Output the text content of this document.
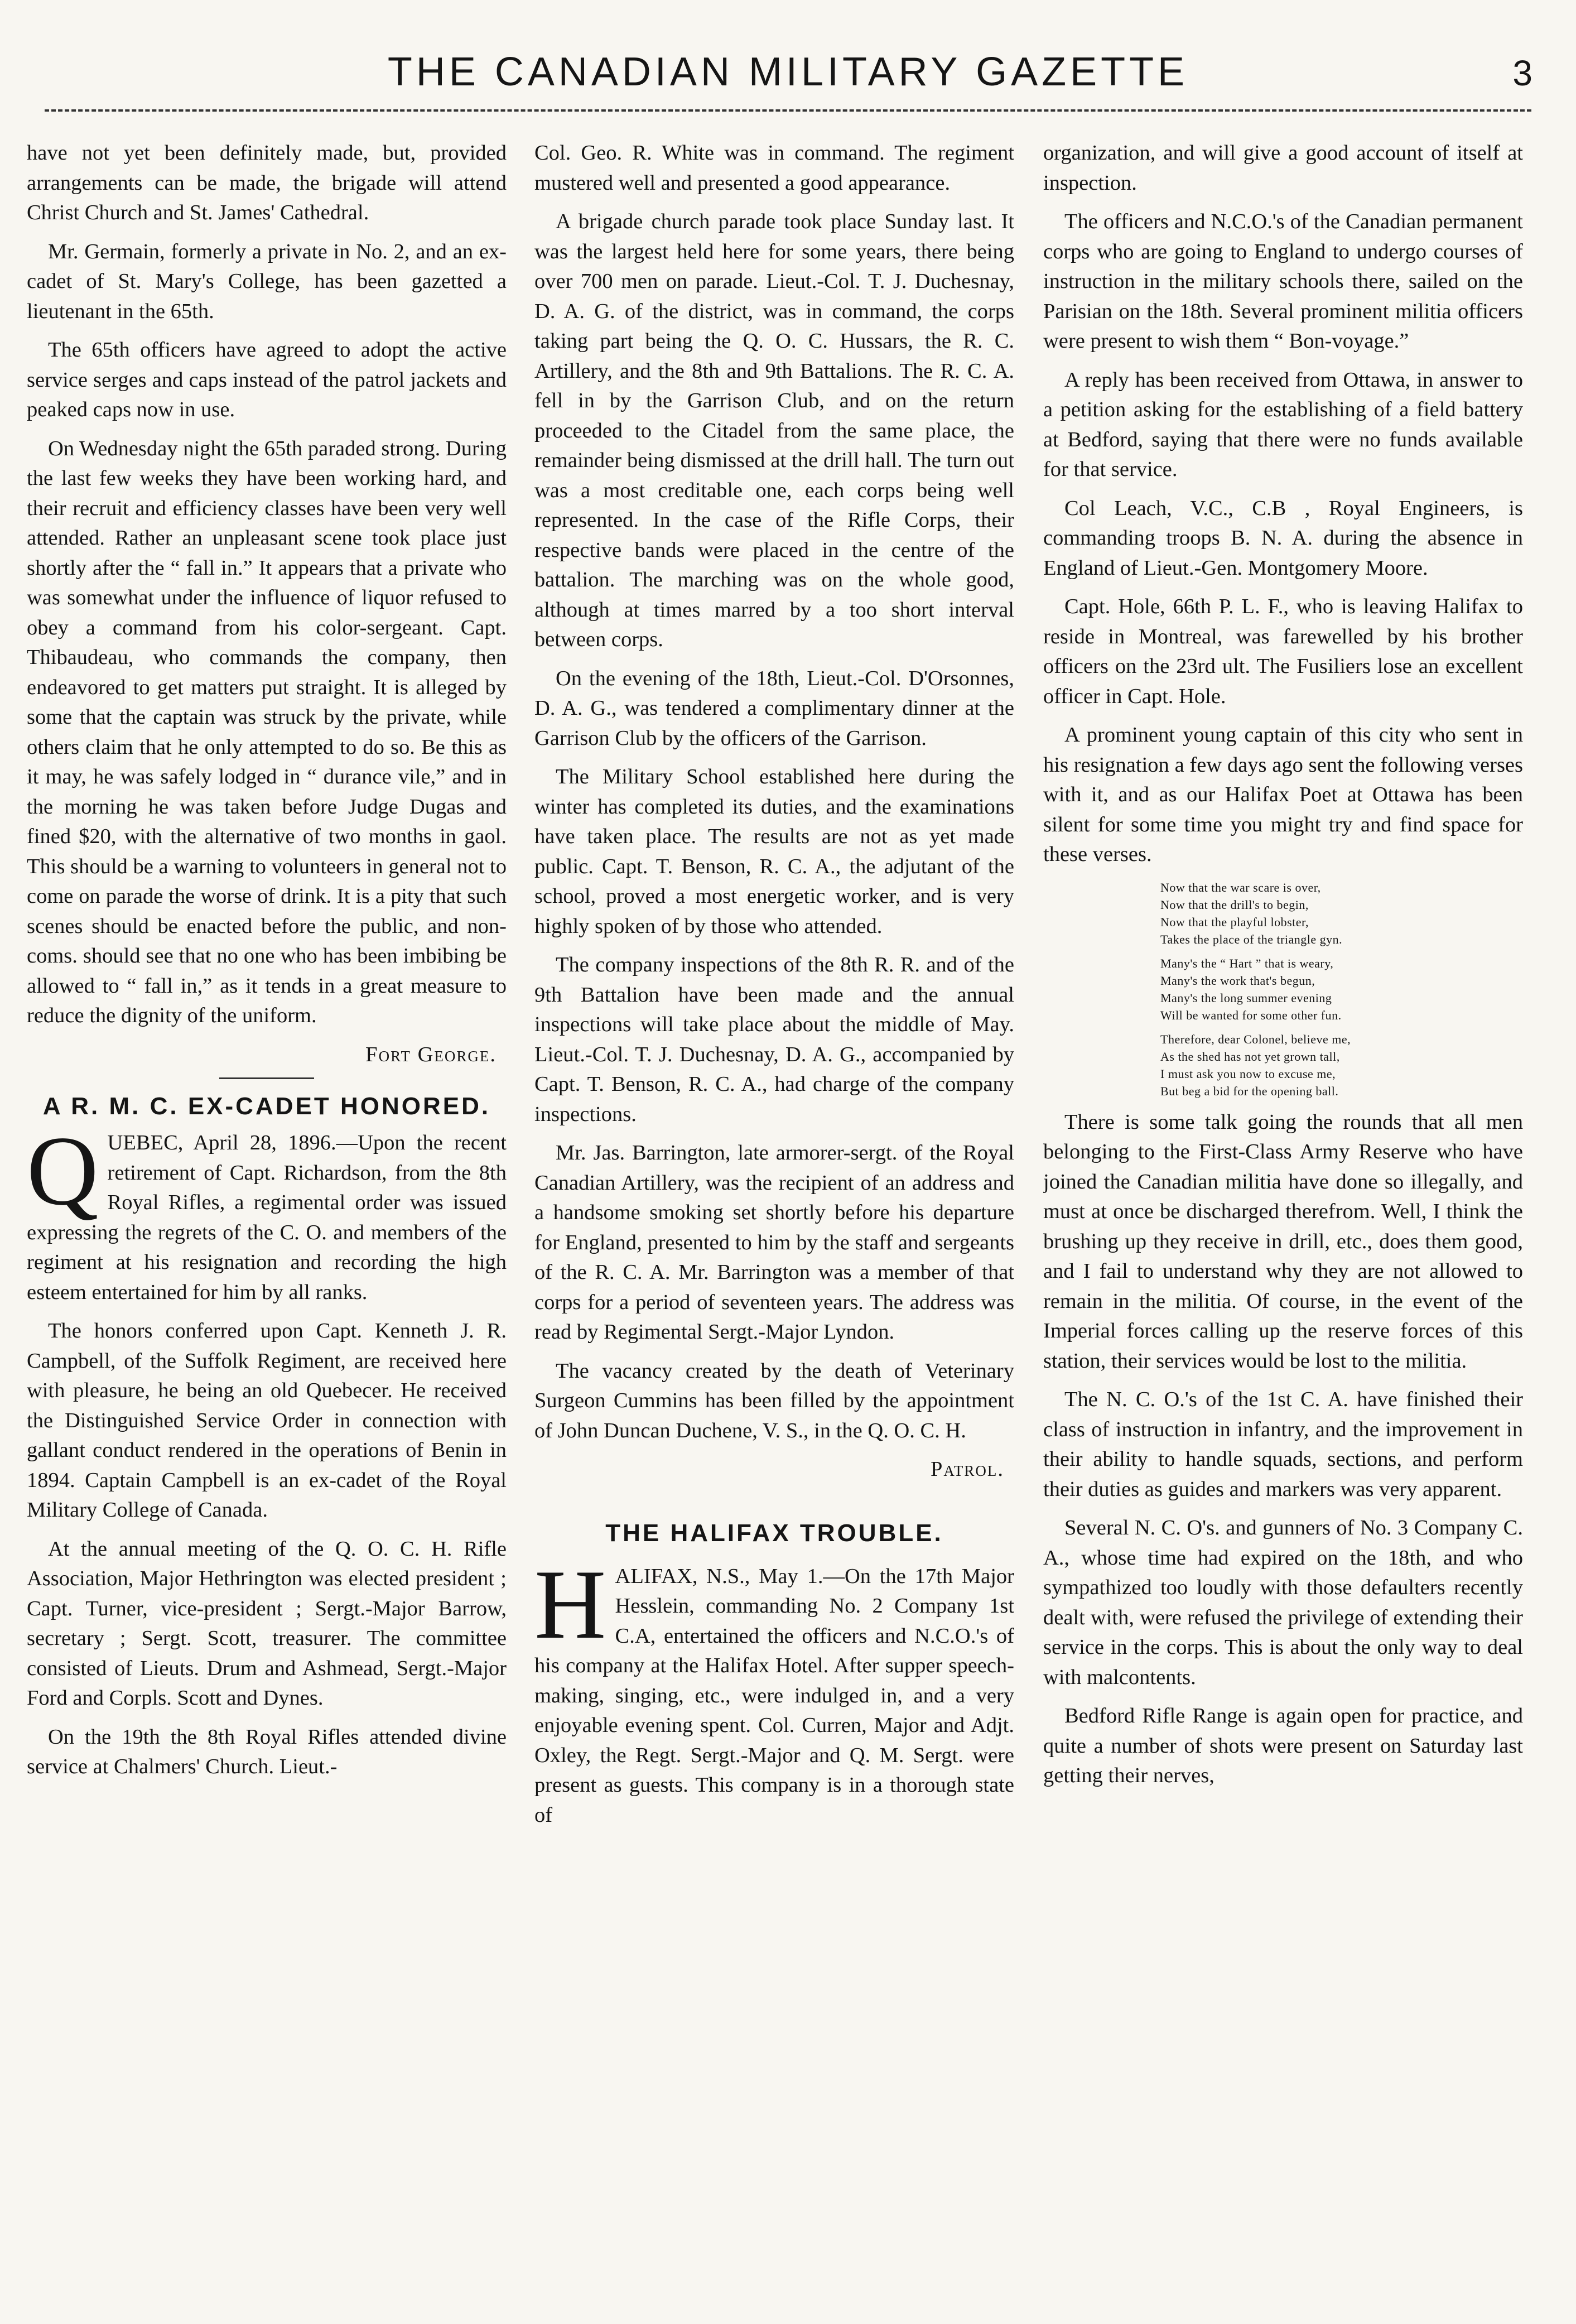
THE CANADIAN MILITARY GAZETTE	3

have not yet been definitely made, but, provided arrangements can be made, the brigade will attend Christ Church and St. James' Cathedral.

Mr. Germain, formerly a private in No. 2, and an ex-cadet of St. Mary's College, has been gazetted a lieutenant in the 65th.

The 65th officers have agreed to adopt the active service serges and caps instead of the patrol jackets and peaked caps now in use.

On Wednesday night the 65th paraded strong. During the last few weeks they have been working hard, and their recruit and efficiency classes have been very well attended. Rather an unpleasant scene took place just shortly after the “ fall in.” It appears that a private who was somewhat under the influence of liquor refused to obey a command from his color-sergeant. Capt. Thibaudeau, who commands the company, then endeavored to get matters put straight. It is alleged by some that the captain was struck by the private, while others claim that he only attempted to do so. Be this as it may, he was safely lodged in “ durance vile,” and in the morning he was taken before Judge Dugas and fined $20, with the alternative of two months in gaol. This should be a warning to volunteers in general not to come on parade the worse of drink. It is a pity that such scenes should be enacted before the public, and non-coms. should see that no one who has been imbibing be allowed to “ fall in,” as it tends in a great measure to reduce the dignity of the uniform.

Fort George.
A R. M. C. EX-CADET HONORED.

QUEBEC, April 28, 1896.—Upon the recent retirement of Capt. Richardson, from the 8th Royal Rifles, a regimental order was issued expressing the regrets of the C. O. and members of the regiment at his resignation and recording the high esteem entertained for him by all ranks.

The honors conferred upon Capt. Kenneth J. R. Campbell, of the Suffolk Regiment, are received here with pleasure, he being an old Quebecer. He received the Distinguished Service Order in connection with gallant conduct rendered in the operations of Benin in 1894. Captain Campbell is an ex-cadet of the Royal Military College of Canada.

At the annual meeting of the Q. O. C. H. Rifle Association, Major Hethrington was elected president ; Capt. Turner, vice-president ; Sergt.-Major Barrow, secretary ; Sergt. Scott, treasurer. The committee consisted of Lieuts. Drum and Ashmead, Sergt.-Major Ford and Corpls. Scott and Dynes.

On the 19th the 8th Royal Rifles attended divine service at Chalmers' Church. Lieut.-

Col. Geo. R. White was in command. The regiment mustered well and presented a good appearance.

A brigade church parade took place Sunday last. It was the largest held here for some years, there being over 700 men on parade. Lieut.-Col. T. J. Duchesnay, D. A. G. of the district, was in command, the corps taking part being the Q. O. C. Hussars, the R. C. Artillery, and the 8th and 9th Battalions. The R. C. A. fell in by the Garrison Club, and on the return proceeded to the Citadel from the same place, the remainder being dismissed at the drill hall. The turn out was a most creditable one, each corps being well represented. In the case of the Rifle Corps, their respective bands were placed in the centre of the battalion. The marching was on the whole good, although at times marred by a too short interval between corps.

On the evening of the 18th, Lieut.-Col. D'Orsonnes, D. A. G., was tendered a complimentary dinner at the Garrison Club by the officers of the Garrison.

The Military School established here during the winter has completed its duties, and the examinations have taken place. The results are not as yet made public. Capt. T. Benson, R. C. A., the adjutant of the school, proved a most energetic worker, and is very highly spoken of by those who attended.

The company inspections of the 8th R. R. and of the 9th Battalion have been made and the annual inspections will take place about the middle of May. Lieut.-Col. T. J. Duchesnay, D. A. G., accompanied by Capt. T. Benson, R. C. A., had charge of the company inspections.

Mr. Jas. Barrington, late armorer-sergt. of the Royal Canadian Artillery, was the recipient of an address and a handsome smoking set shortly before his departure for England, presented to him by the staff and sergeants of the R. C. A. Mr. Barrington was a member of that corps for a period of seventeen years. The address was read by Regimental Sergt.-Major Lyndon.

The vacancy created by the death of Veterinary Surgeon Cummins has been filled by the appointment of John Duncan Duchene, V. S., in the Q. O. C. H.

Patrol.
THE HALIFAX TROUBLE.

HALIFAX, N.S., May 1.—On the 17th Major Hesslein, commanding No. 2 Company 1st C.A, entertained the officers and N.C.O.'s of his company at the Halifax Hotel. After supper speech-making, singing, etc., were indulged in, and a very enjoyable evening spent. Col. Curren, Major and Adjt. Oxley, the Regt. Sergt.-Major and Q. M. Sergt. were present as guests. This company is in a thorough state of

organization, and will give a good account of itself at inspection.

The officers and N.C.O.'s of the Canadian permanent corps who are going to England to undergo courses of instruction in the military schools there, sailed on the Parisian on the 18th. Several prominent militia officers were present to wish them “ Bon-voyage.”

A reply has been received from Ottawa, in answer to a petition asking for the establishing of a field battery at Bedford, saying that there were no funds available for that service.

Col Leach, V.C., C.B , Royal Engineers, is commanding troops B. N. A. during the absence in England of Lieut.-Gen. Montgomery Moore.

Capt. Hole, 66th P. L. F., who is leaving Halifax to reside in Montreal, was farewelled by his brother officers on the 23rd ult. The Fusiliers lose an excellent officer in Capt. Hole.

A prominent young captain of this city who sent in his resignation a few days ago sent the following verses with it, and as our Halifax Poet at Ottawa has been silent for some time you might try and find space for these verses.

Now that the war scare is over,
Now that the drill's to begin,
Now that the playful lobster,
Takes the place of the triangle gyn.
Many's the “ Hart ” that is weary,
Many's the work that's begun,
Many's the long summer evening
Will be wanted for some other fun.
Therefore, dear Colonel, believe me,
As the shed has not yet grown tall,
I must ask you now to excuse me,
But beg a bid for the opening ball.

There is some talk going the rounds that all men belonging to the First-Class Army Reserve who have joined the Canadian militia have done so illegally, and must at once be discharged therefrom. Well, I think the brushing up they receive in drill, etc., does them good, and I fail to understand why they are not allowed to remain in the militia. Of course, in the event of the Imperial forces calling up the reserve forces of this station, their services would be lost to the militia.

The N. C. O.'s of the 1st C. A. have finished their class of instruction in infantry, and the improvement in their ability to handle squads, sections, and perform their duties as guides and markers was very apparent.

Several N. C. O's. and gunners of No. 3 Company C. A., whose time had expired on the 18th, and who sympathized too loudly with those defaulters recently dealt with, were refused the privilege of extending their service in the corps. This is about the only way to deal with malcontents.

Bedford Rifle Range is again open for practice, and quite a number of shots were present on Saturday last getting their nerves,
